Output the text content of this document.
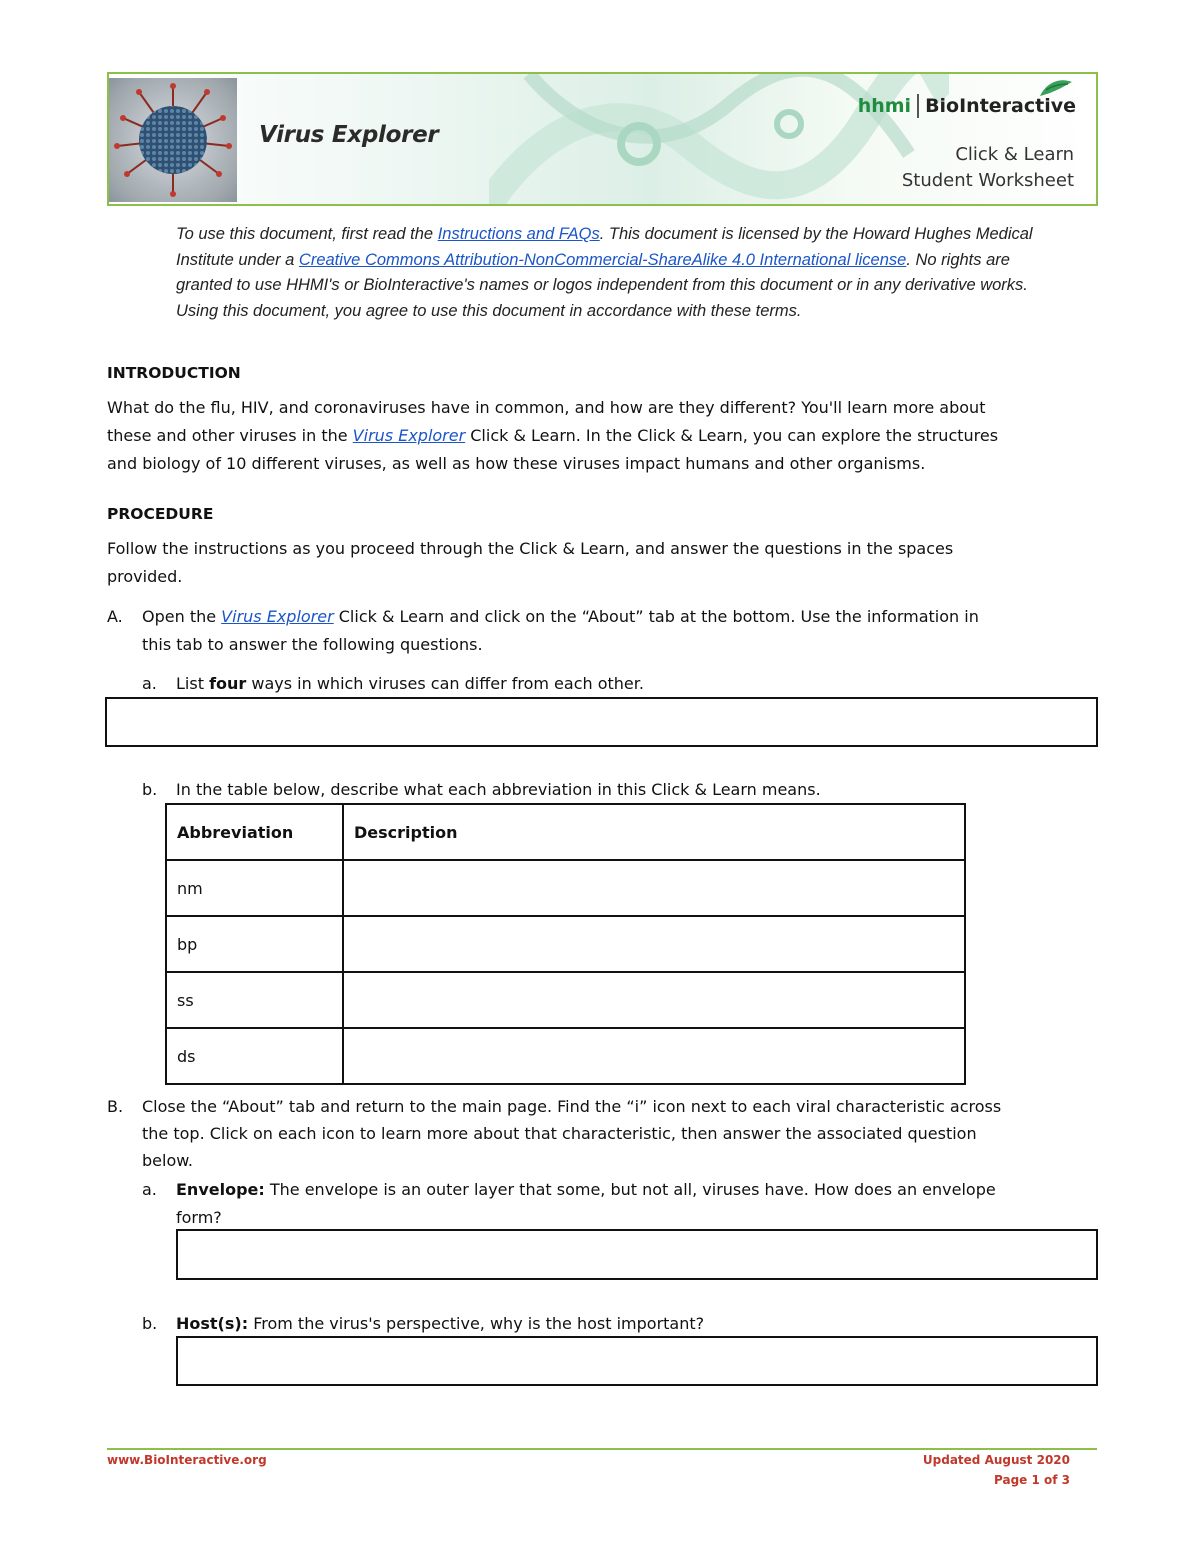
Virus Explorer
hhmi BioInteractive
Click & Learn
Student Worksheet
To use this document, first read the Instructions and FAQs. This document is licensed by the Howard Hughes Medical
Institute under a Creative Commons Attribution-NonCommercial-ShareAlike 4.0 International license. No rights are
granted to use HHMI's or BioInteractive's names or logos independent from this document or in any derivative works.
Using this document, you agree to use this document in accordance with these terms.
INTRODUCTION
What do the flu, HIV, and coronaviruses have in common, and how are they different? You'll learn more about
these and other viruses in the Virus Explorer Click & Learn. In the Click & Learn, you can explore the structures
and biology of 10 different viruses, as well as how these viruses impact humans and other organisms.
PROCEDURE
Follow the instructions as you proceed through the Click & Learn, and answer the questions in the spaces
provided.
A. Open the Virus Explorer Click & Learn and click on the “About” tab at the bottom. Use the information in
this tab to answer the following questions.
a. List four ways in which viruses can differ from each other.
b. In the table below, describe what each abbreviation in this Click & Learn means.
Abbreviation	Description
nm	
bp	
ss	
ds	
B. Close the “About” tab and return to the main page. Find the “i” icon next to each viral characteristic across
the top. Click on each icon to learn more about that characteristic, then answer the associated question
below.
a. Envelope: The envelope is an outer layer that some, but not all, viruses have. How does an envelope
form?
b. Host(s): From the virus's perspective, why is the host important?
www.BioInteractive.org	Updated August 2020
Page 1 of 3
